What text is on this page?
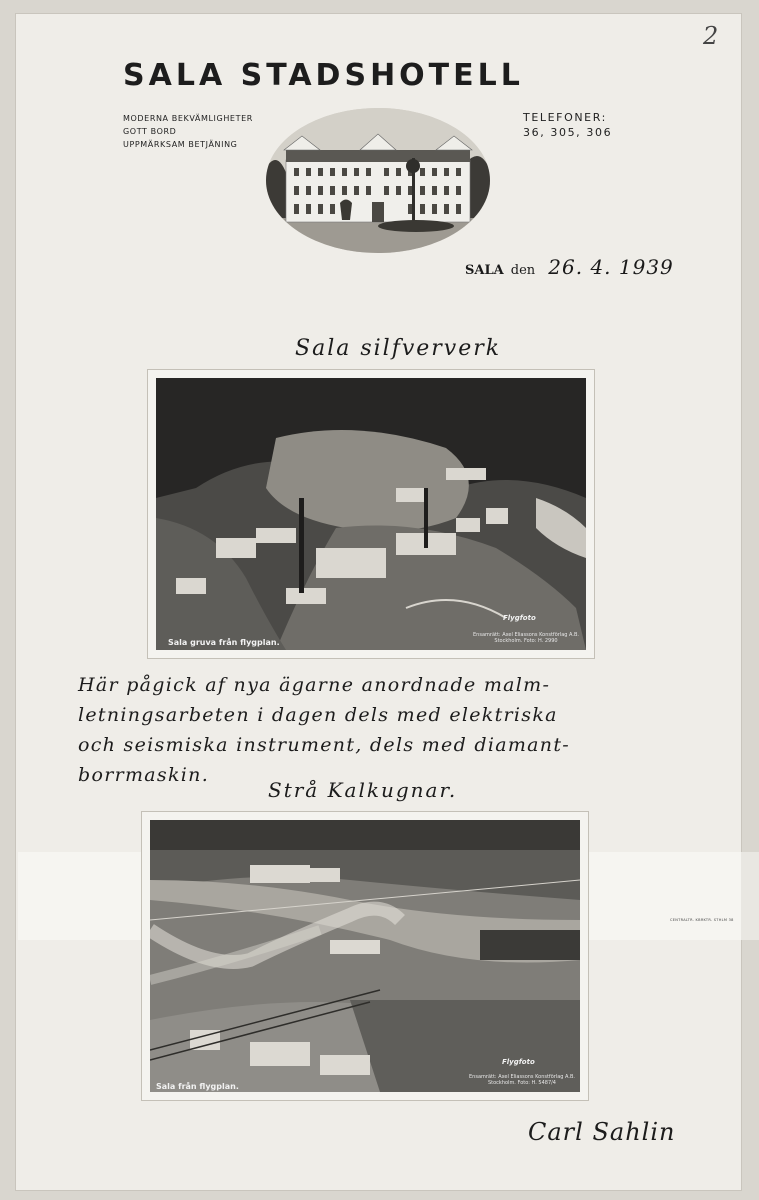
2
SALA STADSHOTELL
MODERNA BEKVÄMLIGHETER
GOTT BORD
UPPMÄRKSAM BETJÄNING
TELEFONER:
36, 305, 306
SALA den 26. 4. 1939
Sala silfververk
Sala gruva från flygplan.
Flygfoto
Ensamrätt: Axel Eliassons Konstförlag A.B.
Stockholm. Foto: H. 2990
Här pågick af nya ägarne anordnade malm-
letningsarbeten i dagen dels med elektriska
och seismiska instrument, dels med diamant-
borrmaskin.
Strå Kalkugnar.
Sala från flygplan.
Flygfoto
Ensamrätt: Axel Eliassons Konstförlag A.B.
Stockholm. Foto: H. 5487/4
CENTRALTR. KBRKTR. STHLM 38
Carl Sahlin
